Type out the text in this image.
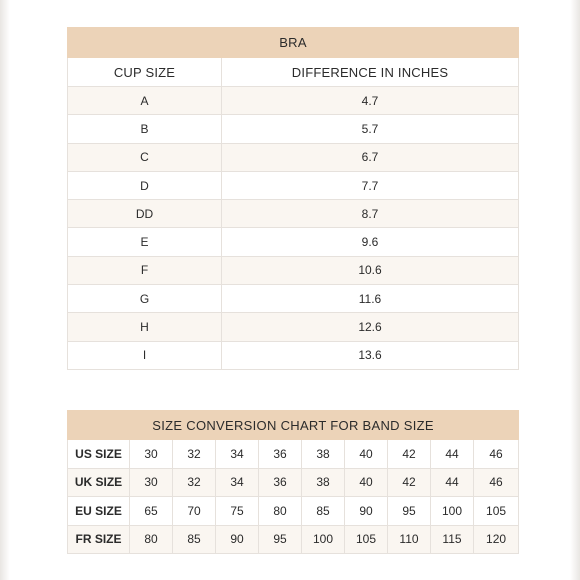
BRA	
CUP SIZE	DIFFERENCE IN INCHES
A	4.7
B	5.7
C	6.7
D	7.7
DD	8.7
E	9.6
F	10.6
G	11.6
H	12.6
I	13.6
SIZE CONVERSION CHART FOR BAND SIZE									
US SIZE	30	32	34	36	38	40	42	44	46
UK SIZE	30	32	34	36	38	40	42	44	46
EU SIZE	65	70	75	80	85	90	95	100	105
FR SIZE	80	85	90	95	100	105	110	115	120
